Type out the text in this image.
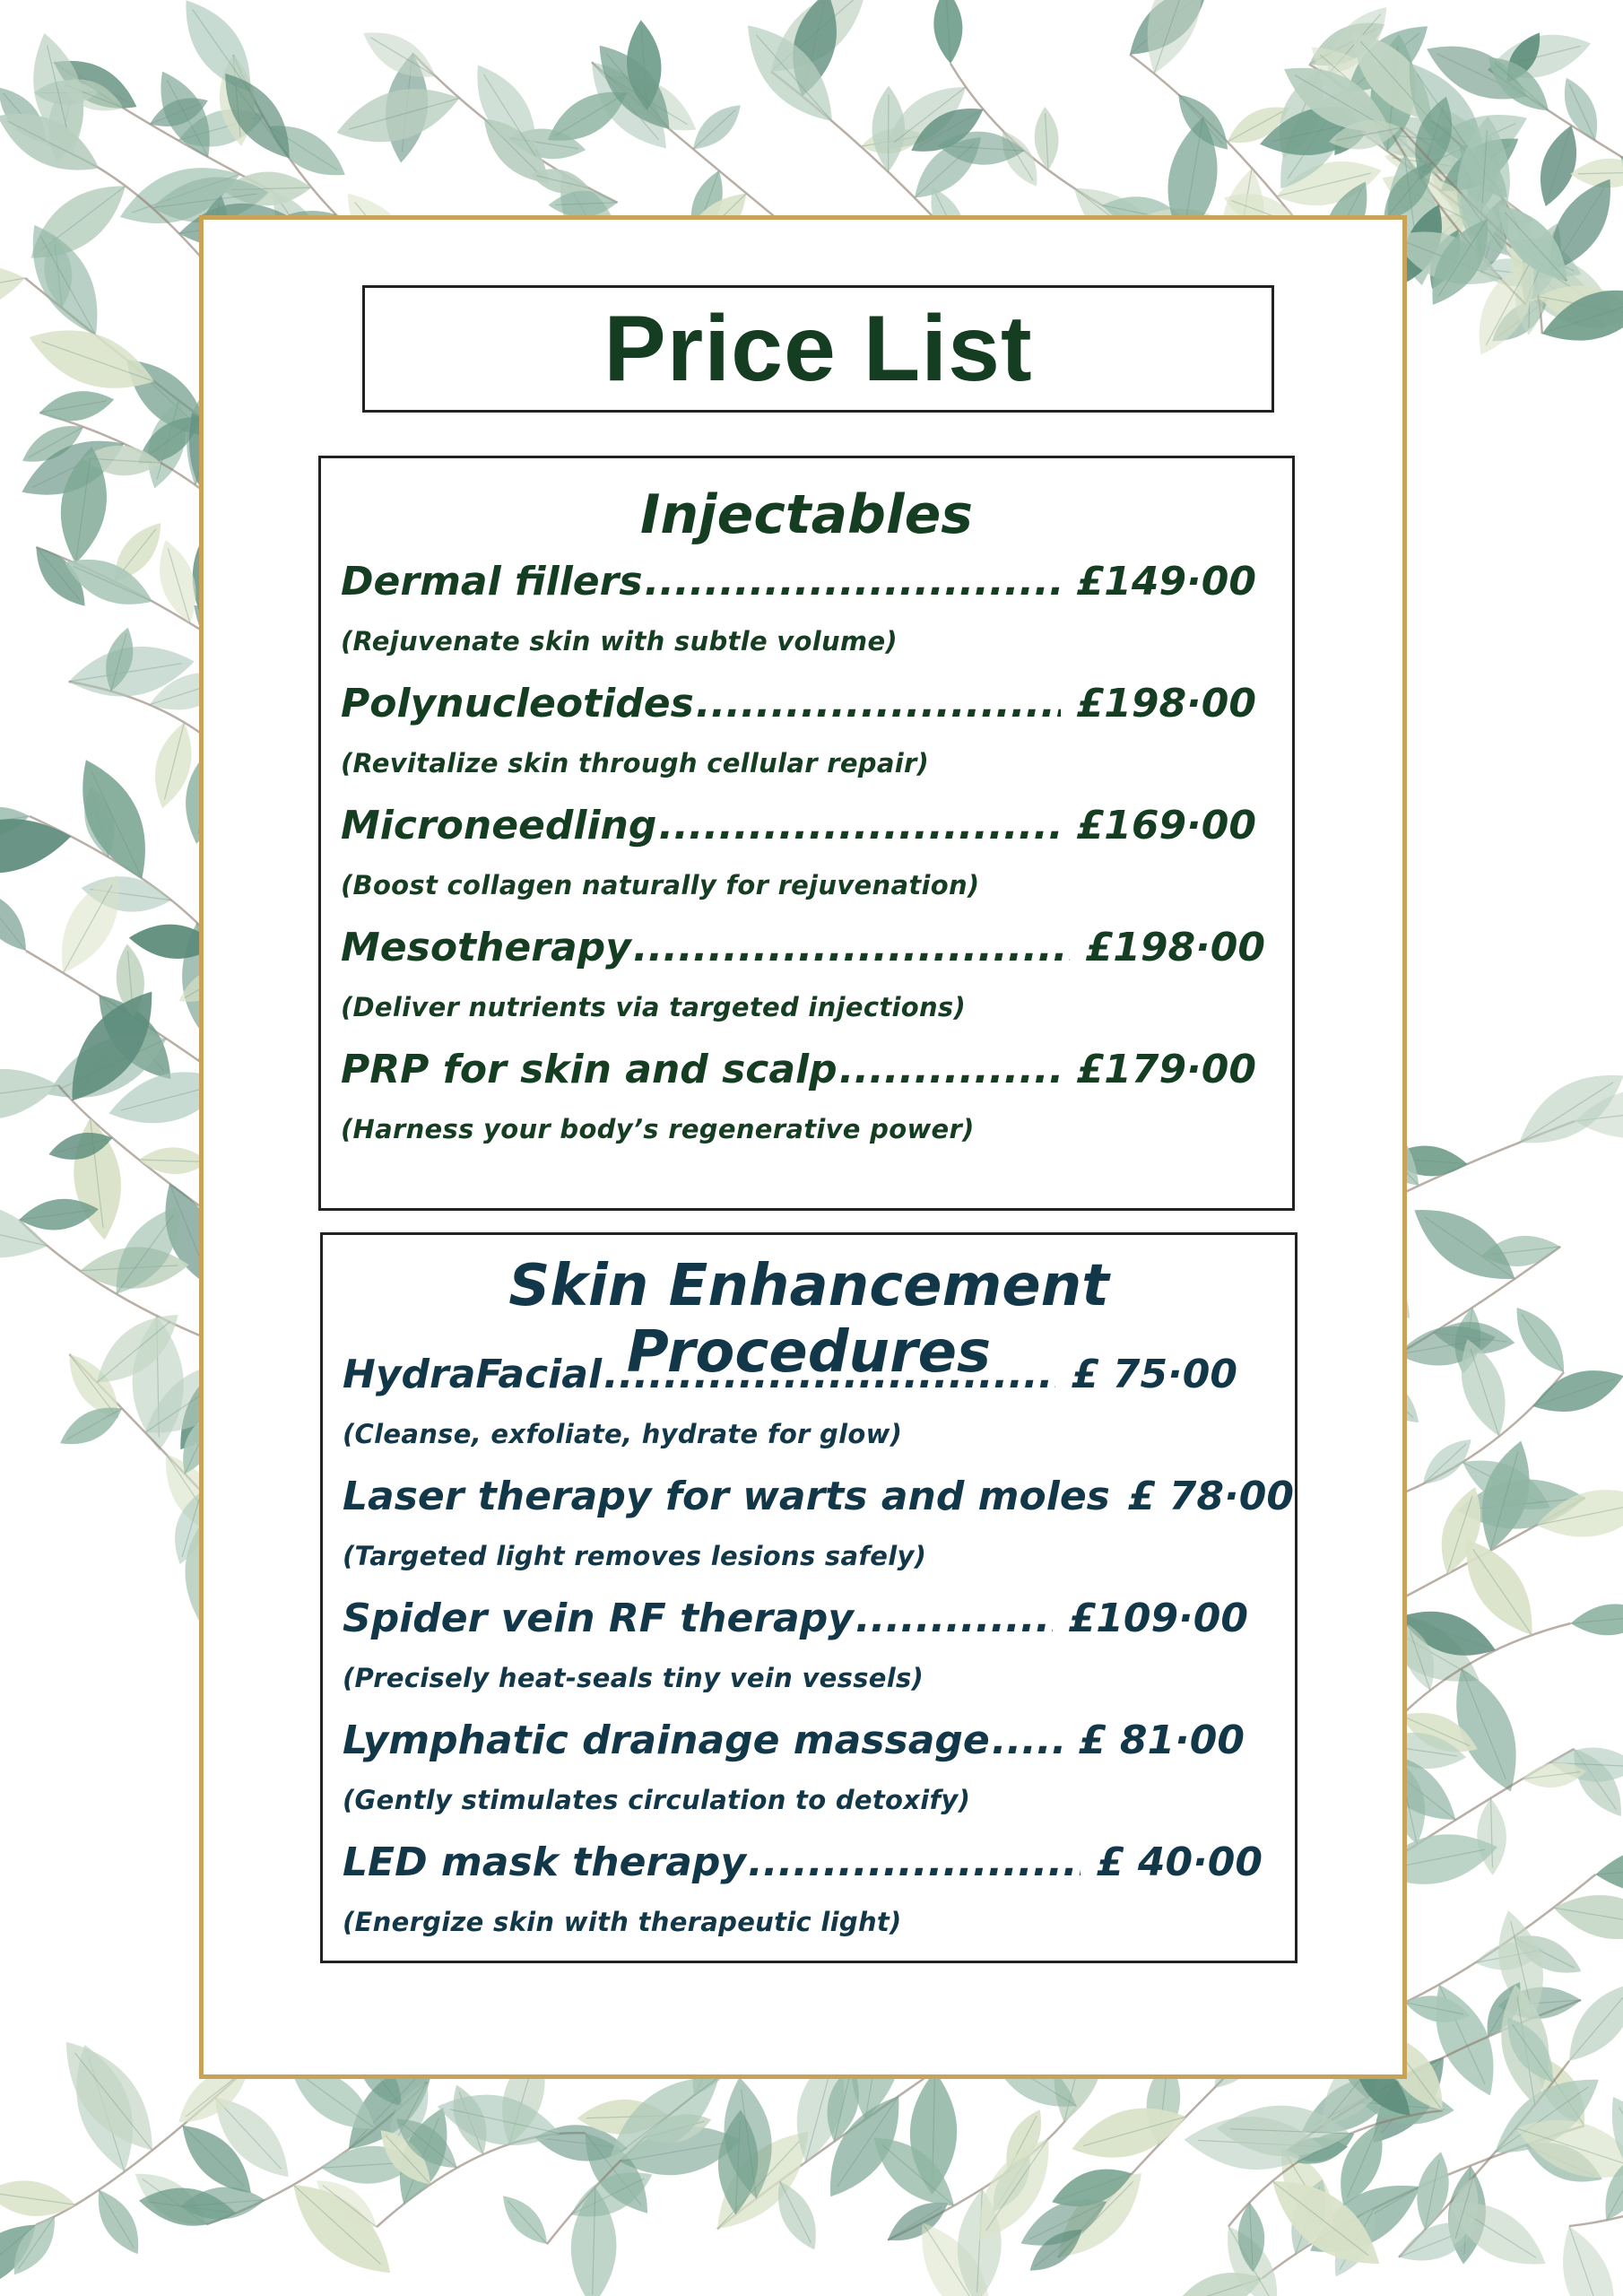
Price List
Injectables
Dermal fillers .....	£149·00
(Rejuvenate skin with subtle volume)
Polynucleotides .....	£198·00
(Revitalize skin through cellular repair)
Microneedling .....	£169·00
(Boost collagen naturally for rejuvenation)
Mesotherapy .....	£198·00
(Deliver nutrients via targeted injections)
PRP for skin and scalp .....	£179·00
(Harness your body’s regenerative power)
Skin Enhancement Procedures
HydraFacial .....	£ 75·00
(Cleanse, exfoliate, hydrate for glow)
Laser therapy for warts and moles £ 78·00
(Targeted light removes lesions safely)
Spider vein RF therapy .....	£109·00
(Precisely heat-seals tiny vein vessels)
Lymphatic drainage massage ..... £ 81·00
(Gently stimulates circulation to detoxify)
LED mask therapy .....	£ 40·00
(Energize skin with therapeutic light)
